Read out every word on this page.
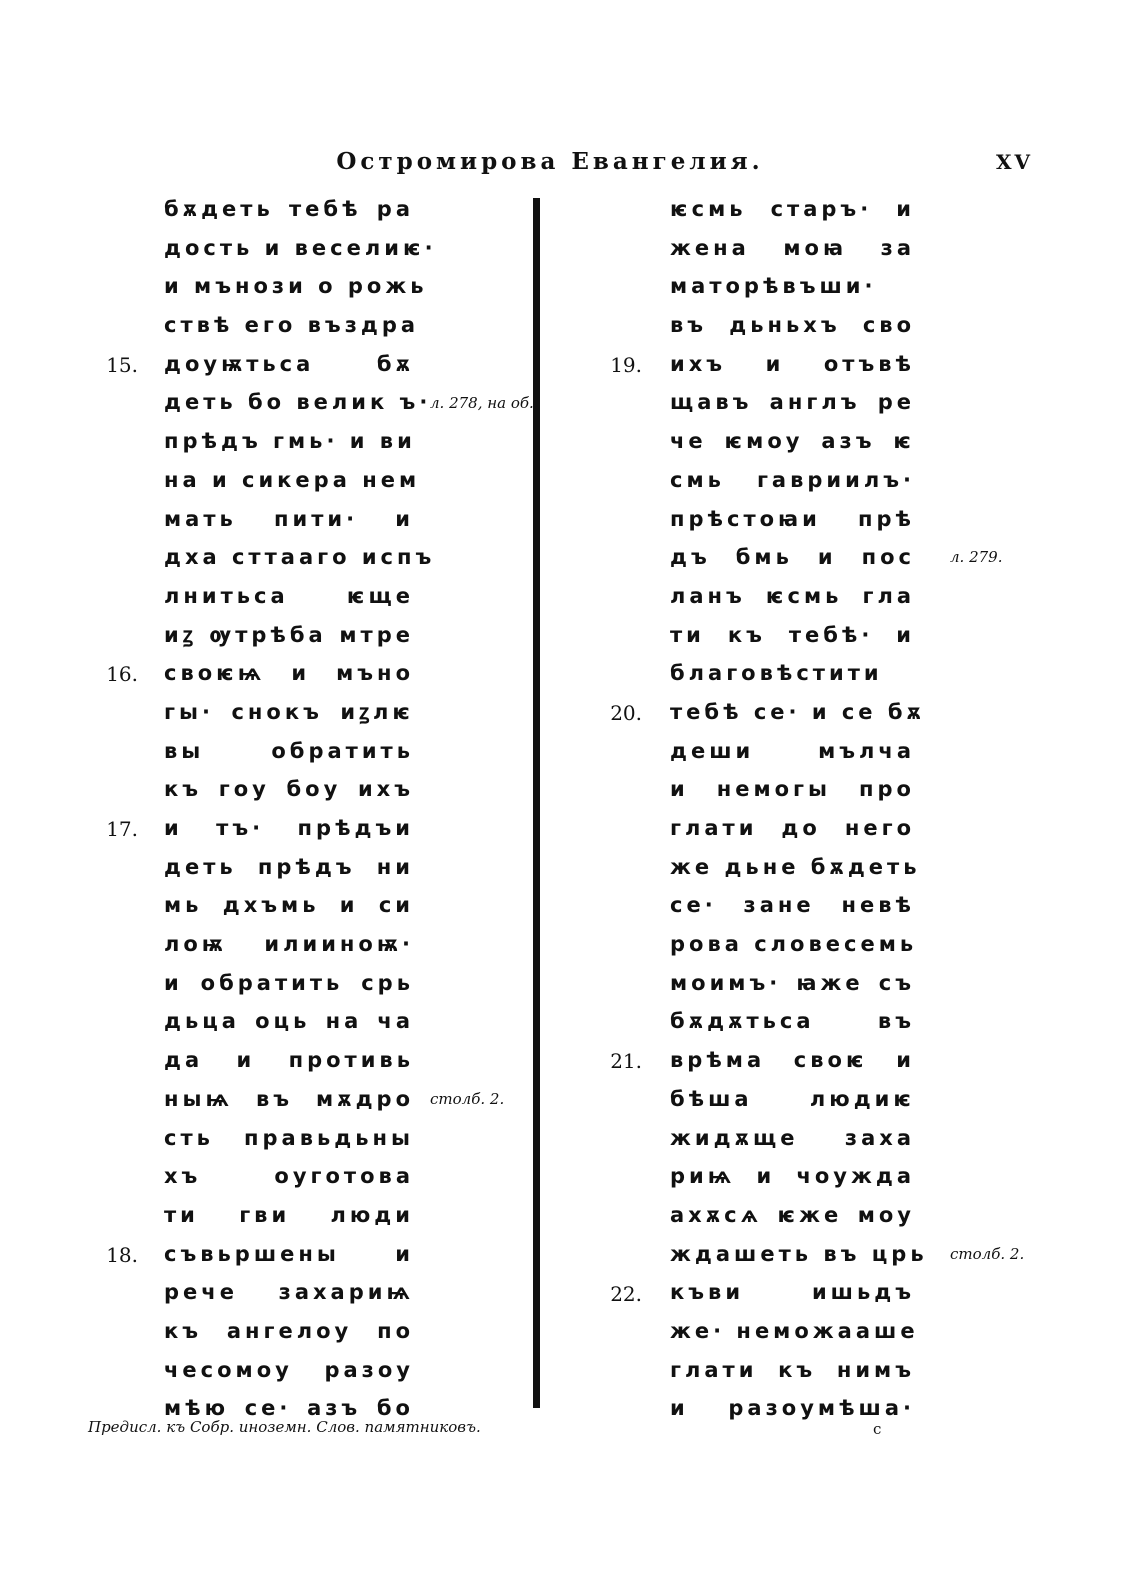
Остромирова Евангелия.	XV
бѫдеть тебѣ ра
дость и веселиѥ·
и мънози о рожь
ствѣ его въздра
доуѭтьса бѫ
деть бо велик ъ·
прѣдъ гмь· и ви
на и сикера нем
мать пити· и
дха сттааго испъ
лнитьса ѥще
иꙁ ѹтрѣба мтре
своѥѩ и мъно
гы· снокъ иꙁлѥ
вы обратить
къ гоу боу ихъ
и тъ· прѣдъи
деть прѣдъ ни
мь дхъмь и си
лоѭ илииноѭ·
и обратить срь
дьца оць на ча
да и противь
ныѩ въ мѫдро
сть правьдьны
хъ оуготова
ти гви люди
съвьршены и
рече захариѩ
къ ангелоу по
чесомоу разоу
мѣю се· азъ бо
ѥсмь старъ· и
жена моꙗ за
маторѣвъши·
въ дьньхъ сво
ихъ и отъвѣ
щавъ англъ ре
че ѥмоу азъ ѥ
смь гавриилъ·
прѣстоꙗи прѣ
дъ бмь и пос
ланъ ѥсмь гла
ти къ тебѣ· и
благовѣстити
тебѣ се· и се бѫ
деши мълча
и немогы про
глати до него
же дьне бѫдеть
се· зане невѣ
рова словесемь
моимъ· ꙗже съ
бѫдѫтьса въ
врѣма своѥ и
бѣша людиѥ
жидѫще заха
риѩ и чоужда
ахѫсѧ ѥже моу
ждашеть въ црь
къви ишьдъ
же· неможааше
глати къ нимъ
и разоумѣша·
15.
16.
17.
18.
19.
20.
21.
22.
л. 278, на об.
столб. 2.
л. 279.
столб. 2.
Предисл. къ Собр. иноземн. Слов. памятниковъ.	c
